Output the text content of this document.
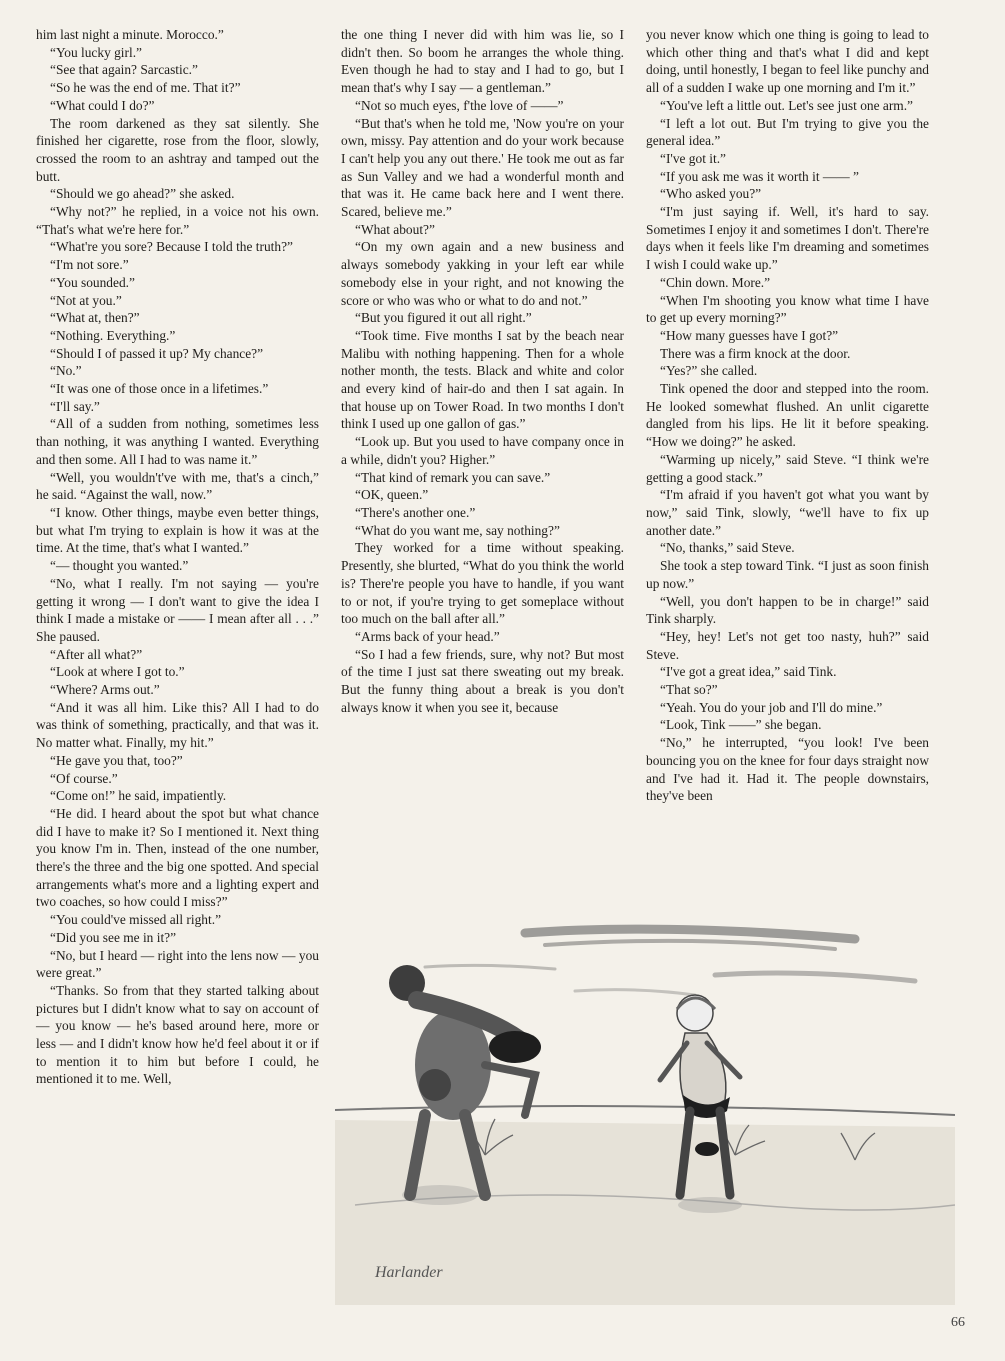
him last night a minute. Morocco.”

“You lucky girl.”

“See that again? Sarcastic.”

“So he was the end of me. That it?”

“What could I do?”

The room darkened as they sat silently. She finished her cigarette, rose from the floor, slowly, crossed the room to an ashtray and tamped out the butt.

“Should we go ahead?” she asked.

“Why not?” he replied, in a voice not his own. “That's what we're here for.”

“What're you sore? Because I told the truth?”

“I'm not sore.”

“You sounded.”

“Not at you.”

“What at, then?”

“Nothing. Everything.”

“Should I of passed it up? My chance?”

“No.”

“It was one of those once in a lifetimes.”

“I'll say.”

“All of a sudden from nothing, sometimes less than nothing, it was anything I wanted. Everything and then some. All I had to was name it.”

“Well, you wouldn't've with me, that's a cinch,” he said. “Against the wall, now.”

“I know. Other things, maybe even better things, but what I'm trying to explain is how it was at the time. At the time, that's what I wanted.”

“— thought you wanted.”

“No, what I really. I'm not saying — you're getting it wrong — I don't want to give the idea I think I made a mistake or —— I mean after all . . .” She paused.

“After all what?”

“Look at where I got to.”

“Where? Arms out.”

“And it was all him. Like this? All I had to do was think of something, practically, and that was it. No matter what. Finally, my hit.”

“He gave you that, too?”

“Of course.”

“Come on!” he said, impatiently.

“He did. I heard about the spot but what chance did I have to make it? So I mentioned it. Next thing you know I'm in. Then, instead of the one number, there's the three and the big one spotted. And special arrangements what's more and a lighting expert and two coaches, so how could I miss?”

“You could've missed all right.”

“Did you see me in it?”

“No, but I heard — right into the lens now — you were great.”

“Thanks. So from that they started talking about pictures but I didn't know what to say on account of — you know — he's based around here, more or less — and I didn't know how he'd feel about it or if to mention it to him but before I could, he mentioned it to me. Well,

the one thing I never did with him was lie, so I didn't then. So boom he arranges the whole thing. Even though he had to stay and I had to go, but I mean that's why I say — a gentleman.”

“Not so much eyes, f'the love of ——”

“But that's when he told me, 'Now you're on your own, missy. Pay attention and do your work because I can't help you any out there.' He took me out as far as Sun Valley and we had a wonderful month and that was it. He came back here and I went there. Scared, believe me.”

“What about?”

“On my own again and a new business and always somebody yakking in your left ear while somebody else in your right, and not knowing the score or who was who or what to do and not.”

“But you figured it out all right.”

“Took time. Five months I sat by the beach near Malibu with nothing happening. Then for a whole nother month, the tests. Black and white and color and every kind of hair-do and then I sat again. In that house up on Tower Road. In two months I don't think I used up one gallon of gas.”

“Look up. But you used to have company once in a while, didn't you? Higher.”

“That kind of remark you can save.”

“OK, queen.”

“There's another one.”

“What do you want me, say nothing?”

They worked for a time without speaking. Presently, she blurted, “What do you think the world is? There're people you have to handle, if you want to or not, if you're trying to get someplace without too much on the ball after all.”

“Arms back of your head.”

“So I had a few friends, sure, why not? But most of the time I just sat there sweating out my break. But the funny thing about a break is you don't always know it when you see it, because

you never know which one thing is going to lead to which other thing and that's what I did and kept doing, until honestly, I began to feel like punchy and all of a sudden I wake up one morning and I'm it.”

“You've left a little out. Let's see just one arm.”

“I left a lot out. But I'm trying to give you the general idea.”

“I've got it.”

“If you ask me was it worth it —— ”

“Who asked you?”

“I'm just saying if. Well, it's hard to say. Sometimes I enjoy it and sometimes I don't. There're days when it feels like I'm dreaming and sometimes I wish I could wake up.”

“Chin down. More.”

“When I'm shooting you know what time I have to get up every morning?”

“How many guesses have I got?”

There was a firm knock at the door.

“Yes?” she called.

Tink opened the door and stepped into the room. He looked somewhat flushed. An unlit cigarette dangled from his lips. He lit it before speaking. “How we doing?” he asked.

“Warming up nicely,” said Steve. “I think we're getting a good stack.”

“I'm afraid if you haven't got what you want by now,” said Tink, slowly, “we'll have to fix up another date.”

“No, thanks,” said Steve.

She took a step toward Tink. “I just as soon finish up now.”

“Well, you don't happen to be in charge!” said Tink sharply.

“Hey, hey! Let's not get too nasty, huh?” said Steve.

“I've got a great idea,” said Tink.

“That so?”

“Yeah. You do your job and I'll do mine.”

“Look, Tink ——” she began.

“No,” he interrupted, “you look! I've been bouncing you on the knee for four days straight now and I've had it. Had it. The people downstairs, they've been

Harlander
99
